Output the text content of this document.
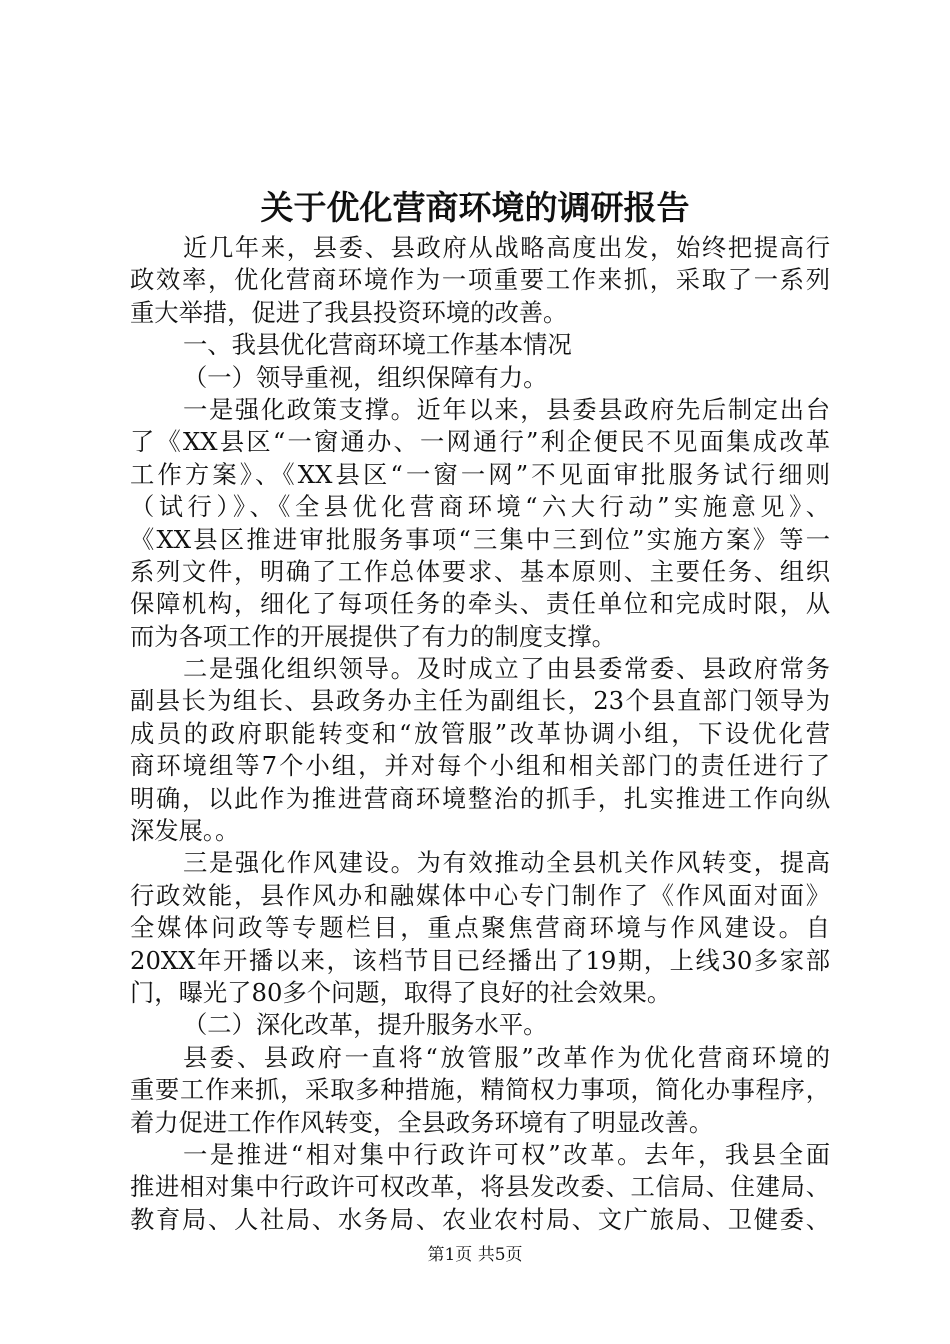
关于优化营商环境的调研报告
近几年来，县委、县政府从战略高度出发，始终把提高行
政效率，优化营商环境作为一项重要工作来抓，采取了一系列
重大举措，促进了我县投资环境的改善。
一、我县优化营商环境工作基本情况
（一）领导重视，组织保障有力。
一是强化政策支撑。近年以来，县委县政府先后制定出台
了《XX县区“一窗通办、一网通行”利企便民不见面集成改革
工作方案》、《XX县区“一窗一网”不见面审批服务试行细则
（试行）》、《全县优化营商环境“六大行动”实施意见》、
《XX县区推进审批服务事项“三集中三到位”实施方案》等一
系列文件，明确了工作总体要求、基本原则、主要任务、组织
保障机构，细化了每项任务的牵头、责任单位和完成时限，从
而为各项工作的开展提供了有力的制度支撑。
二是强化组织领导。及时成立了由县委常委、县政府常务
副县长为组长、县政务办主任为副组长，23个县直部门领导为
成员的政府职能转变和“放管服”改革协调小组，下设优化营
商环境组等7个小组，并对每个小组和相关部门的责任进行了
明确，以此作为推进营商环境整治的抓手，扎实推进工作向纵
深发展。。
三是强化作风建设。为有效推动全县机关作风转变，提高
行政效能，县作风办和融媒体中心专门制作了《作风面对面》
全媒体问政等专题栏目，重点聚焦营商环境与作风建设。自
20XX年开播以来，该档节目已经播出了19期，上线30多家部
门，曝光了80多个问题，取得了良好的社会效果。
（二）深化改革，提升服务水平。
县委、县政府一直将“放管服”改革作为优化营商环境的
重要工作来抓，采取多种措施，精简权力事项，简化办事程序，
着力促进工作作风转变，全县政务环境有了明显改善。
一是推进“相对集中行政许可权”改革。去年，我县全面
推进相对集中行政许可权改革，将县发改委、工信局、住建局、
教育局、人社局、水务局、农业农村局、文广旅局、卫健委、
第1页 共5页
